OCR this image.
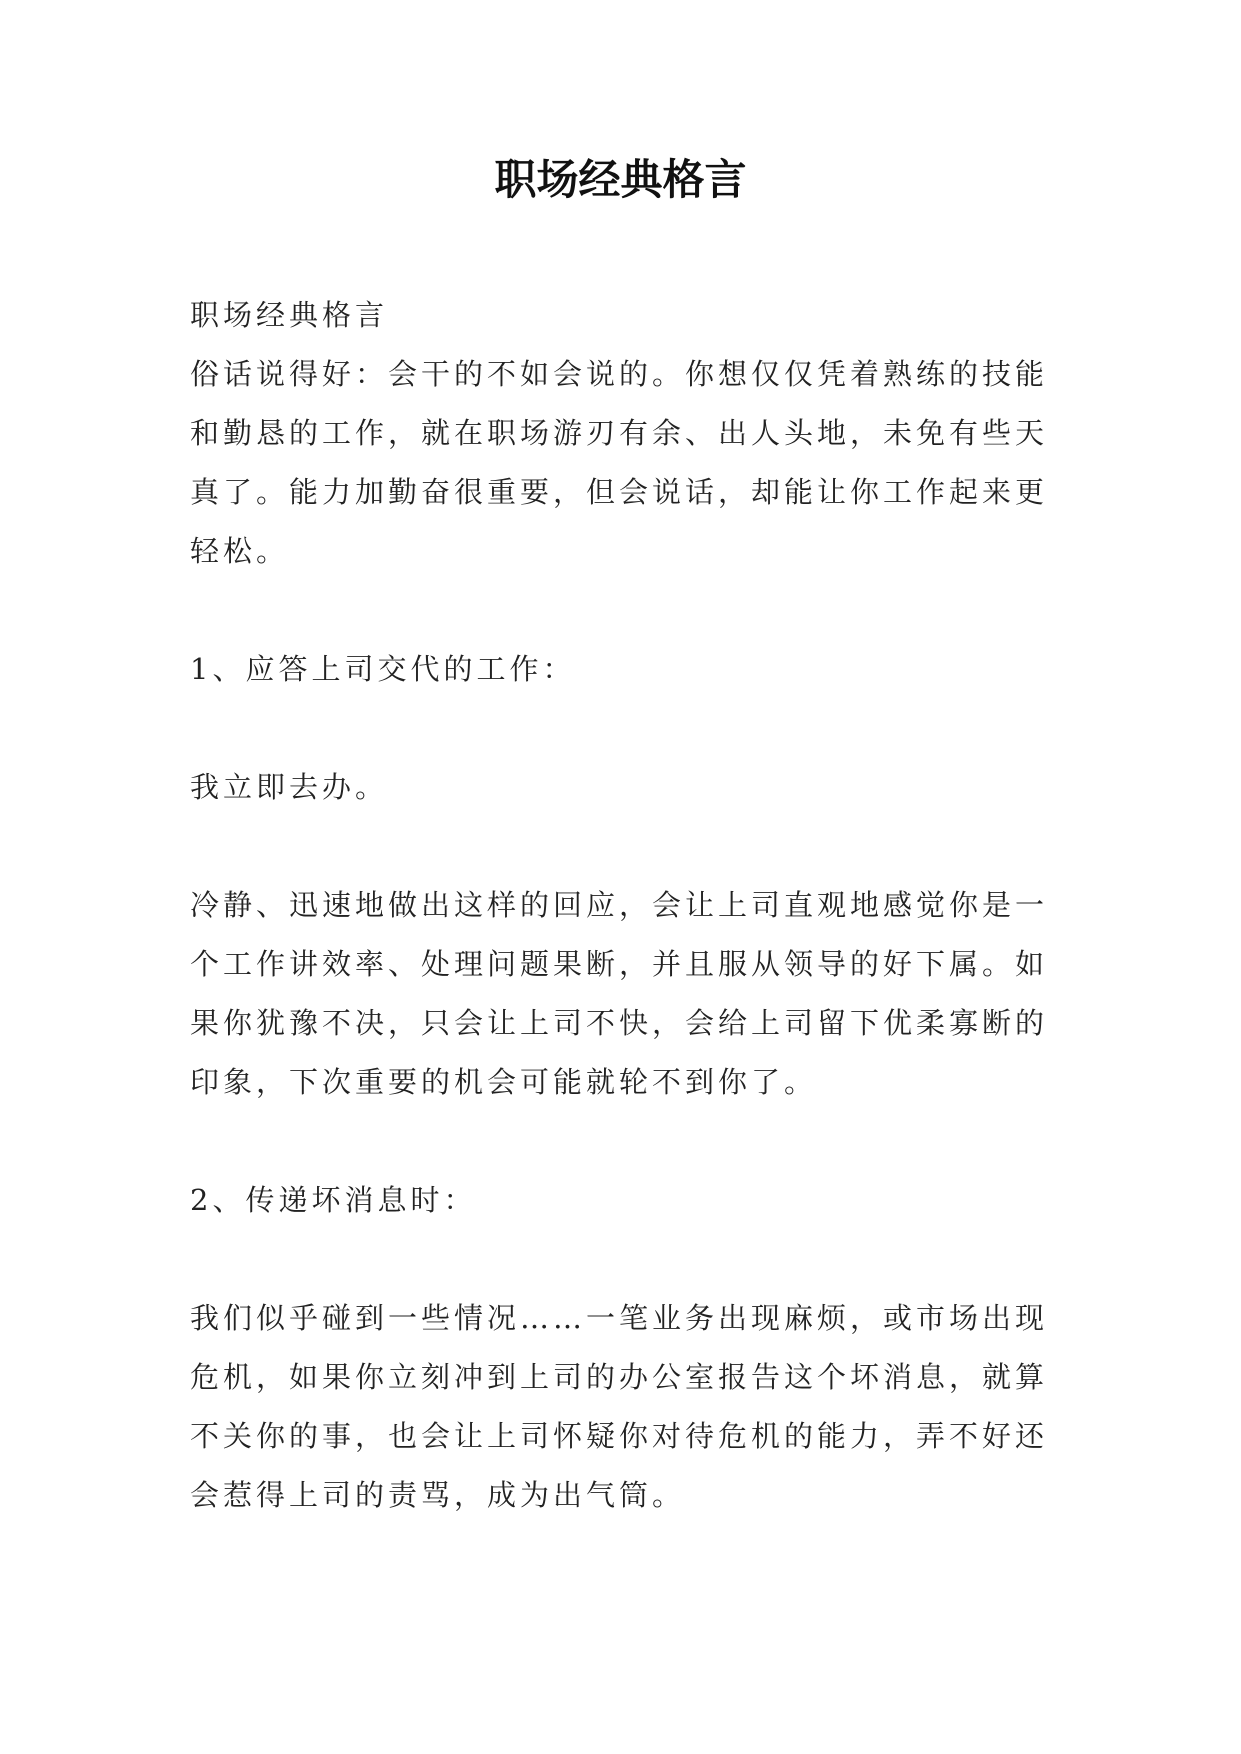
职场经典格言

职场经典格言

俗话说得好：会干的不如会说的。你想仅仅凭着熟练的技能和勤恳的工作，就在职场游刃有余、出人头地，未免有些天真了。能力加勤奋很重要，但会说话，却能让你工作起来更轻松。

1、应答上司交代的工作：

我立即去办。

冷静、迅速地做出这样的回应，会让上司直观地感觉你是一个工作讲效率、处理问题果断，并且服从领导的好下属。如果你犹豫不决，只会让上司不快，会给上司留下优柔寡断的印象，下次重要的机会可能就轮不到你了。

2、传递坏消息时：

我们似乎碰到一些情况……一笔业务出现麻烦，或市场出现危机，如果你立刻冲到上司的办公室报告这个坏消息，就算不关你的事，也会让上司怀疑你对待危机的能力，弄不好还会惹得上司的责骂，成为出气筒。
